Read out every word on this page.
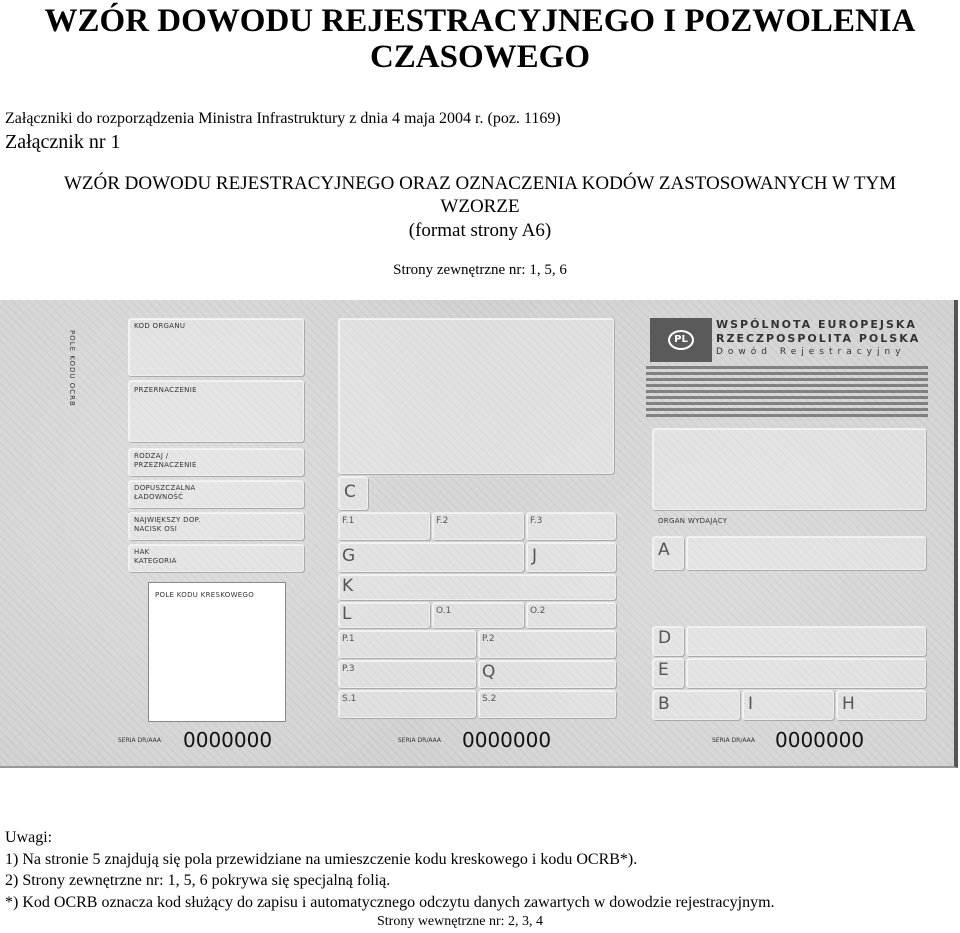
WZÓR DOWODU REJESTRACYJNEGO I POZWOLENIA
CZASOWEGO
Załączniki do rozporządzenia Ministra Infrastruktury z dnia 4 maja 2004 r. (poz. 1169)
Załącznik nr 1
WZÓR DOWODU REJESTRACYJNEGO ORAZ OZNACZENIA KODÓW ZASTOSOWANYCH W TYM
WZORZE
(format strony A6)
Strony zewnętrzne nr: 1, 5, 6
POLE KODU OCRB
KOD ORGANU
PRZERNACZENIE
RODZAJ / PRZEZNACZENIE
DOPUSZCZALNA ŁADOWNOŚĆ
NAJWIĘKSZY DOP. NACISK OSI
HAK KATEGORIA
POLE KODU KRESKOWEGO
SERIA DR/AAA 0000000
C
F.1	F.2	F.3
G	J
K
L	O.1	O.2
P.1	P.2
P.3	Q
S.1	S.2
SERIA DR/AAA 0000000
PL
WSPÓLNOTA EUROPEJSKA
RZECZPOSPOLITA POLSKA
Dowód Rejestracyjny
ORGAN WYDAJĄCY
A
D
E
B	I	H
SERIA DR/AAA 0000000
Uwagi:
1) Na stronie 5 znajdują się pola przewidziane na umieszczenie kodu kreskowego i kodu OCRB*).
2) Strony zewnętrzne nr: 1, 5, 6 pokrywa się specjalną folią.
*) Kod OCRB oznacza kod służący do zapisu i automatycznego odczytu danych zawartych w dowodzie rejestracyjnym.
Strony wewnętrzne nr: 2, 3, 4
